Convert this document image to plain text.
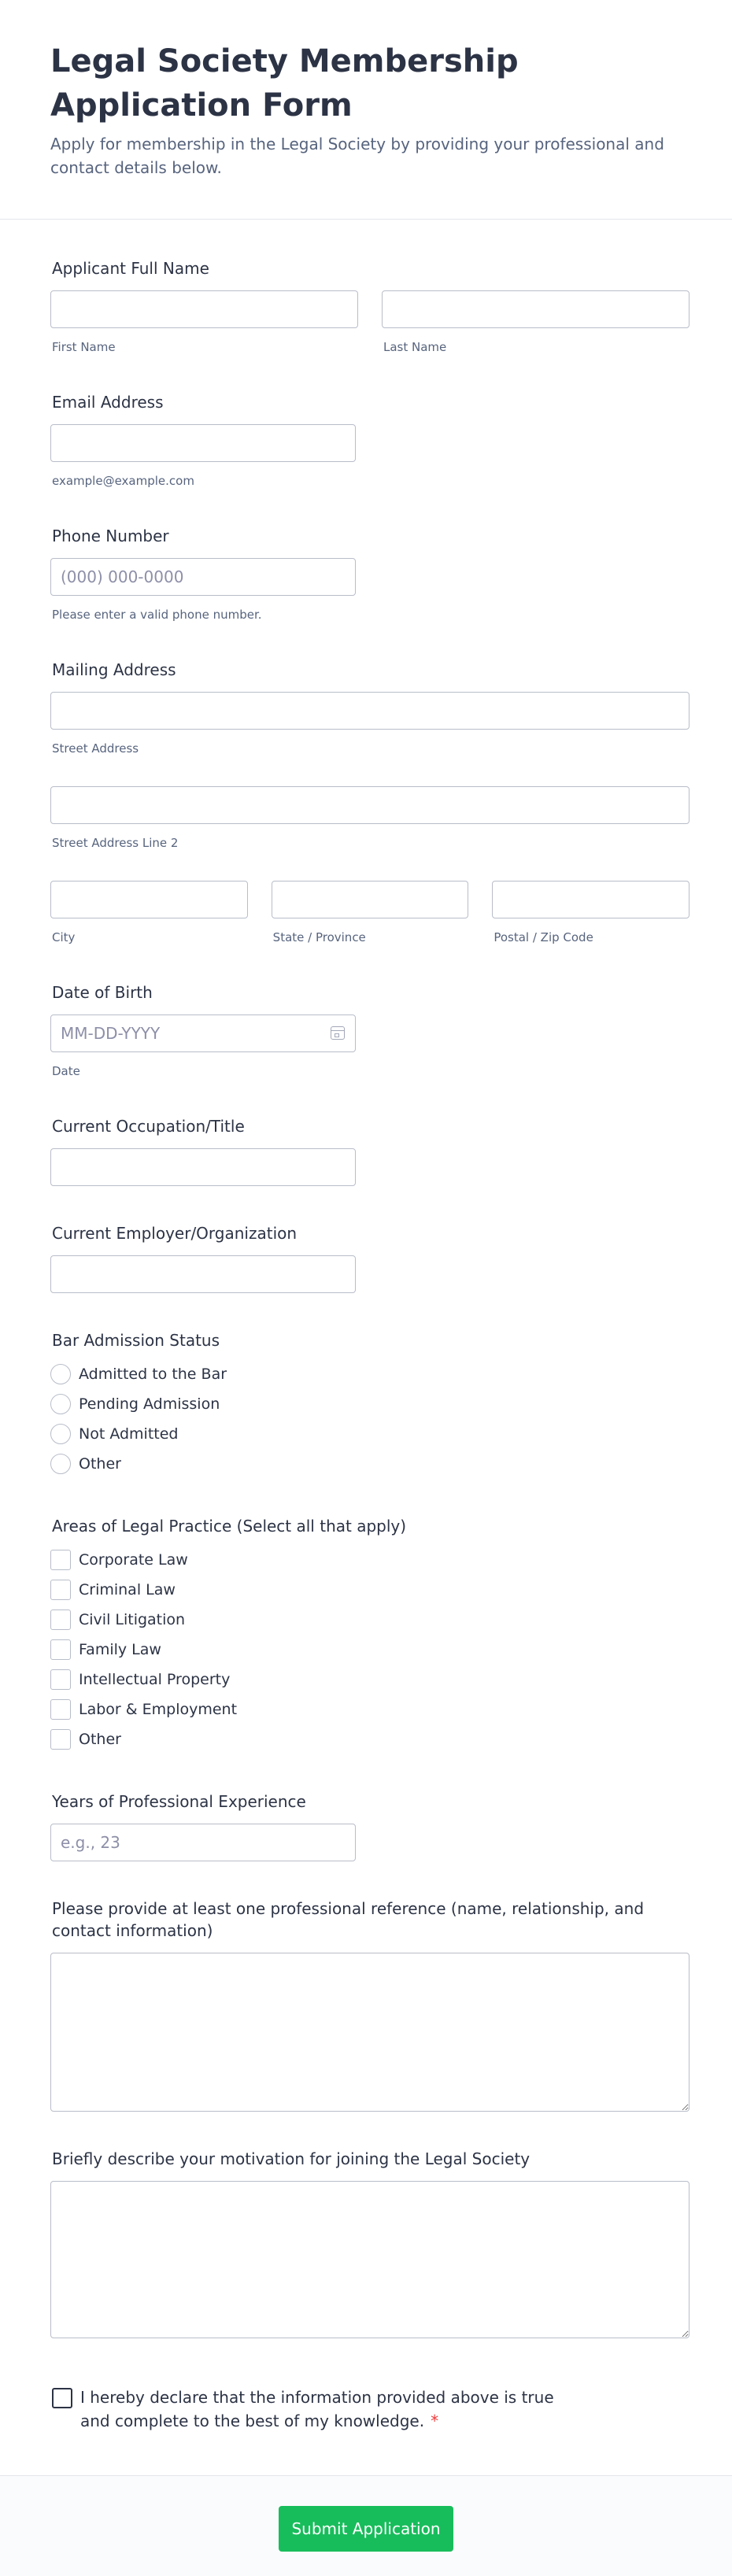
Legal Society Membership Application Form

Apply for membership in the Legal Society by providing your professional and contact details below.

Applicant Full Name
First Name	Last Name
Email Address
example@example.com
Phone Number
(000) 000-0000
Please enter a valid phone number.
Mailing Address
Street Address
Street Address Line 2
City	State / Province	Postal / Zip Code
Date of Birth
MM-DD-YYYY
Date
Current Occupation/Title
Current Employer/Organization
Bar Admission Status
Admitted to the Bar
Pending Admission
Not Admitted
Other
Areas of Legal Practice (Select all that apply)
Corporate Law
Criminal Law
Civil Litigation
Family Law
Intellectual Property
Labor & Employment
Other
Years of Professional Experience
e.g., 23
Please provide at least one professional reference (name, relationship, and contact information)
Briefly describe your motivation for joining the Legal Society
I hereby declare that the information provided above is true and complete to the best of my knowledge. *
Submit Application
